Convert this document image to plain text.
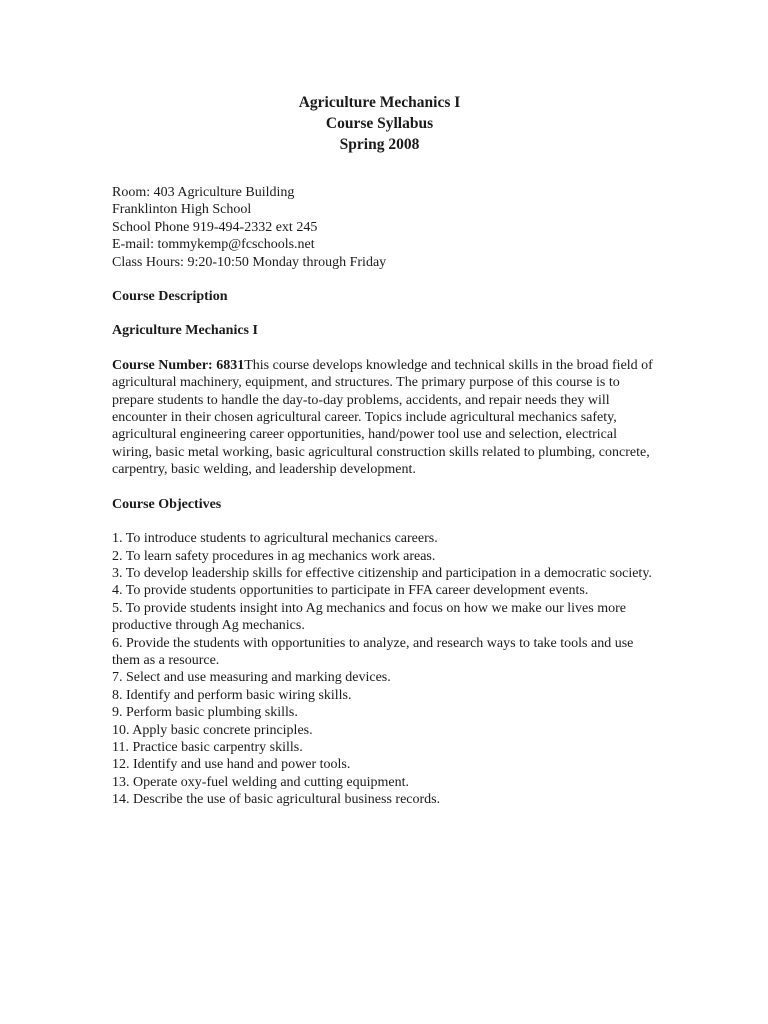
Agriculture Mechanics I
Course Syllabus
Spring 2008
Room: 403 Agriculture Building
Franklinton High School
School Phone 919-494-2332 ext 245
E-mail: tommykemp@fcschools.net
Class Hours: 9:20-10:50 Monday through Friday
Course Description
Agriculture Mechanics I
Course Number: 6831This course develops knowledge and technical skills in the broad field of agricultural machinery, equipment, and structures. The primary purpose of this course is to prepare students to handle the day-to-day problems, accidents, and repair needs they will encounter in their chosen agricultural career. Topics include agricultural mechanics safety, agricultural engineering career opportunities, hand/power tool use and selection, electrical wiring, basic metal working, basic agricultural construction skills related to plumbing, concrete, carpentry, basic welding, and leadership development.
Course Objectives
1. To introduce students to agricultural mechanics careers.
2. To learn safety procedures in ag mechanics work areas.
3. To develop leadership skills for effective citizenship and participation in a democratic society.
4. To provide students opportunities to participate in FFA career development events.
5. To provide students insight into Ag mechanics and focus on how we make our lives more productive through Ag mechanics.
6. Provide the students with opportunities to analyze, and research ways to take tools and use them as a resource.
7. Select and use measuring and marking devices.
8. Identify and perform basic wiring skills.
9. Perform basic plumbing skills.
10. Apply basic concrete principles.
11. Practice basic carpentry skills.
12. Identify and use hand and power tools.
13. Operate oxy-fuel welding and cutting equipment.
14. Describe the use of basic agricultural business records.
